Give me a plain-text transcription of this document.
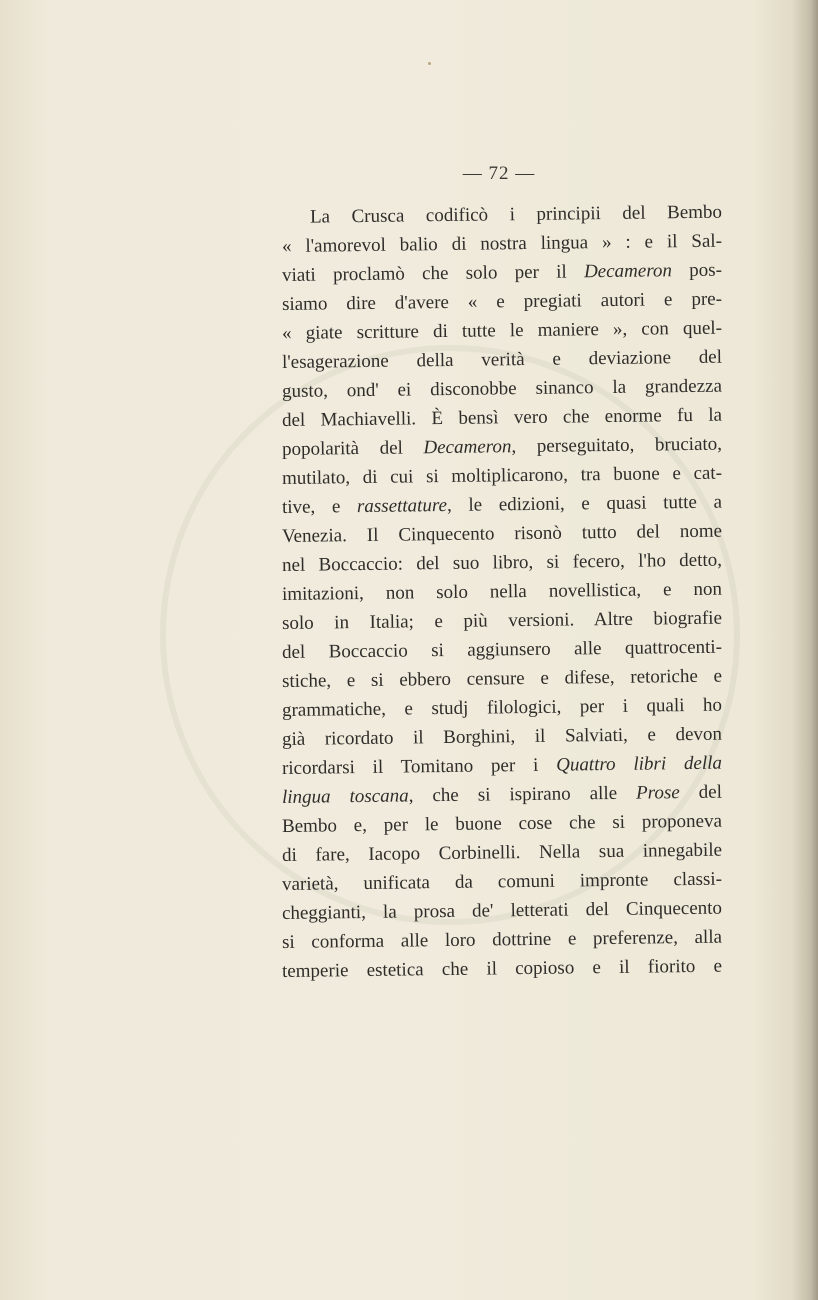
— 72 —
La Crusca codificò i principii del Bembo
« l'amorevol balio di nostra lingua » : e il Sal-
viati proclamò che solo per il Decameron pos-
siamo dire d'avere « e pregiati autori e pre-
« giate scritture di tutte le maniere », con quel-
l'esagerazione della verità e deviazione del
gusto, ond' ei disconobbe sinanco la grandezza
del Machiavelli. È bensì vero che enorme fu la
popolarità del Decameron, perseguitato, bruciato,
mutilato, di cui si moltiplicarono, tra buone e cat-
tive, e rassettature, le edizioni, e quasi tutte a
Venezia. Il Cinquecento risonò tutto del nome
nel Boccaccio: del suo libro, si fecero, l'ho detto,
imitazioni, non solo nella novellistica, e non
solo in Italia; e più versioni. Altre biografie
del Boccaccio si aggiunsero alle quattrocenti-
stiche, e si ebbero censure e difese, retoriche e
grammatiche, e studj filologici, per i quali ho
già ricordato il Borghini, il Salviati, e devon
ricordarsi il Tomitano per i Quattro libri della
lingua toscana, che si ispirano alle Prose del
Bembo e, per le buone cose che si proponeva
di fare, Iacopo Corbinelli. Nella sua innegabile
varietà, unificata da comuni impronte classi-
cheggianti, la prosa de' letterati del Cinquecento
si conforma alle loro dottrine e preferenze, alla
temperie estetica che il copioso e il fiorito e
